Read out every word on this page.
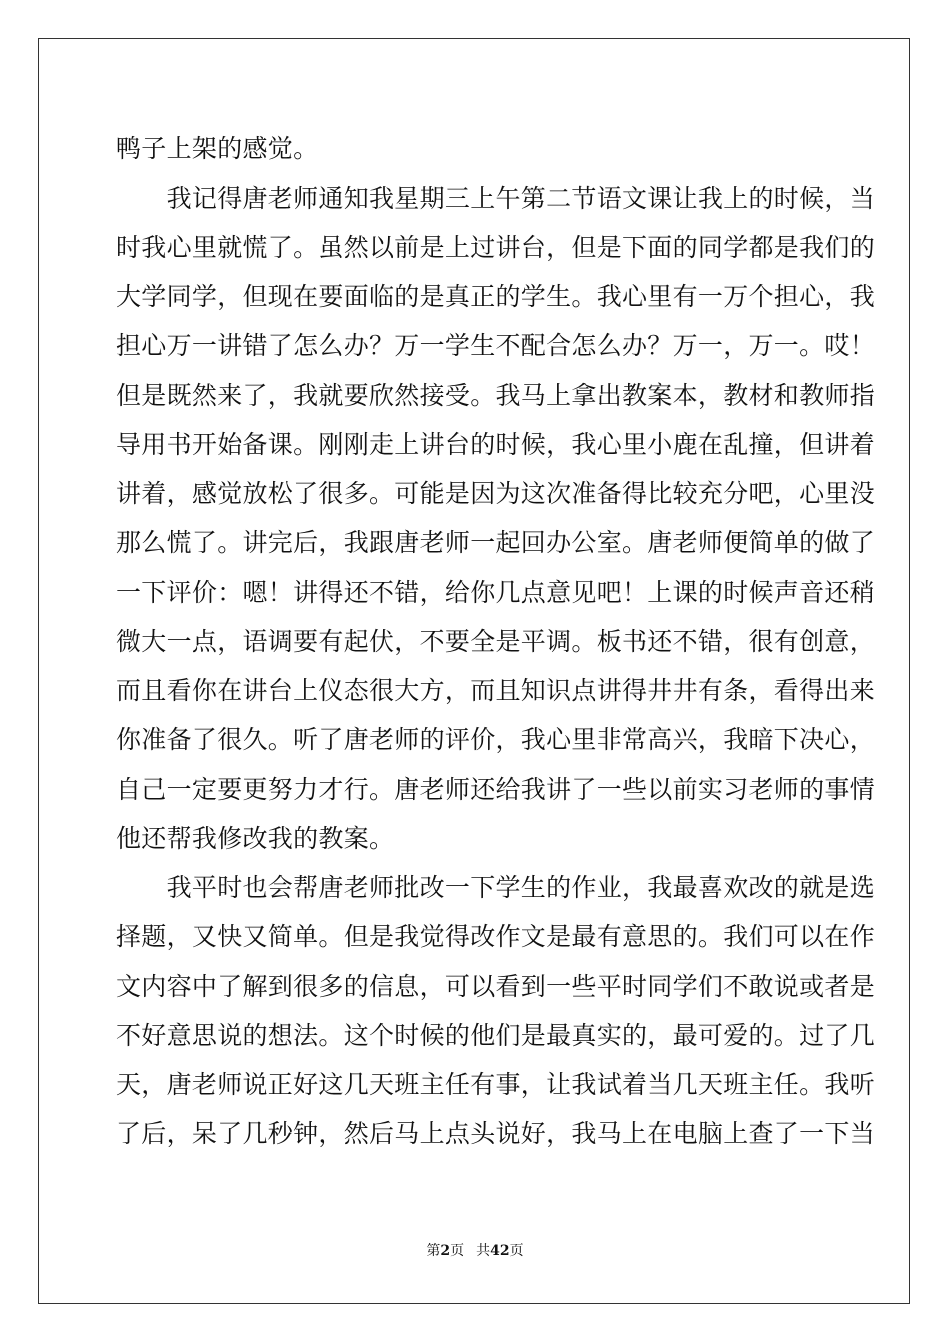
鸭子上架的感觉。
　　我记得唐老师通知我星期三上午第二节语文课让我上的时候，当
时我心里就慌了。虽然以前是上过讲台，但是下面的同学都是我们的
大学同学，但现在要面临的是真正的学生。我心里有一万个担心，我
担心万一讲错了怎么办？万一学生不配合怎么办？万一，万一。哎！
但是既然来了，我就要欣然接受。我马上拿出教案本，教材和教师指
导用书开始备课。刚刚走上讲台的时候，我心里小鹿在乱撞，但讲着
讲着，感觉放松了很多。可能是因为这次准备得比较充分吧，心里没
那么慌了。讲完后，我跟唐老师一起回办公室。唐老师便简单的做了
一下评价：嗯！讲得还不错，给你几点意见吧！上课的时候声音还稍
微大一点，语调要有起伏，不要全是平调。板书还不错，很有创意，
而且看你在讲台上仪态很大方，而且知识点讲得井井有条，看得出来
你准备了很久。听了唐老师的评价，我心里非常高兴，我暗下决心，
自己一定要更努力才行。唐老师还给我讲了一些以前实习老师的事情
他还帮我修改我的教案。
　　我平时也会帮唐老师批改一下学生的作业，我最喜欢改的就是选
择题，又快又简单。但是我觉得改作文是最有意思的。我们可以在作
文内容中了解到很多的信息，可以看到一些平时同学们不敢说或者是
不好意思说的想法。这个时候的他们是最真实的，最可爱的。过了几
天，唐老师说正好这几天班主任有事，让我试着当几天班主任。我听
了后，呆了几秒钟，然后马上点头说好，我马上在电脑上查了一下当
第2页 共42页
